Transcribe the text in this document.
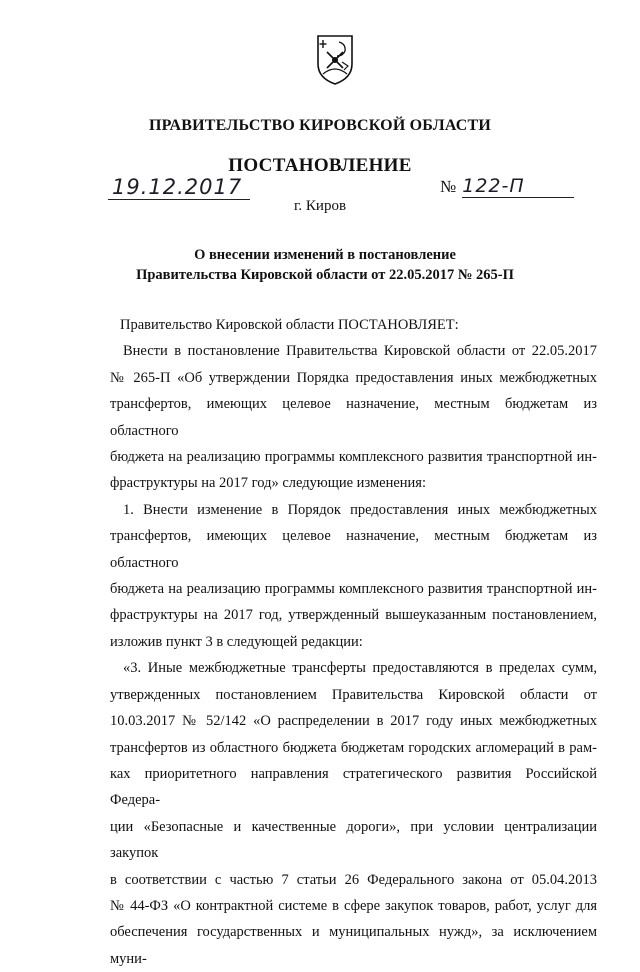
ПРАВИТЕЛЬСТВО КИРОВСКОЙ ОБЛАСТИ
ПОСТАНОВЛЕНИЕ
19.12.2017	№ 122-П
г. Киров
О внесении изменений в постановление
Правительства Кировской области от 22.05.2017 № 265-П

Правительство Кировской области ПОСТАНОВЛЯЕТ:

Внести в постановление Правительства Кировской области от 22.05.2017

№ 265-П «Об утверждении Порядка предоставления иных межбюджетных

трансфертов, имеющих целевое назначение, местным бюджетам из областного

бюджета на реализацию программы комплексного развития транспортной ин-

фраструктуры на 2017 год» следующие изменения:

1. Внести изменение в Порядок предоставления иных межбюджетных

трансфертов, имеющих целевое назначение, местным бюджетам из областного

бюджета на реализацию программы комплексного развития транспортной ин-

фраструктуры на 2017 год, утвержденный вышеуказанным постановлением,

изложив пункт 3 в следующей редакции:

«3. Иные межбюджетные трансферты предоставляются в пределах сумм,

утвержденных постановлением Правительства Кировской области от

10.03.2017 № 52/142 «О распределении в 2017 году иных межбюджетных

трансфертов из областного бюджета бюджетам городских агломераций в рам-

ках приоритетного направления стратегического развития Российской Федера-

ции «Безопасные и качественные дороги», при условии централизации закупок

в соответствии с частью 7 статьи 26 Федерального закона от 05.04.2013

№ 44-ФЗ «О контрактной системе в сфере закупок товаров, работ, услуг для

обеспечения государственных и муниципальных нужд», за исключением муни-
